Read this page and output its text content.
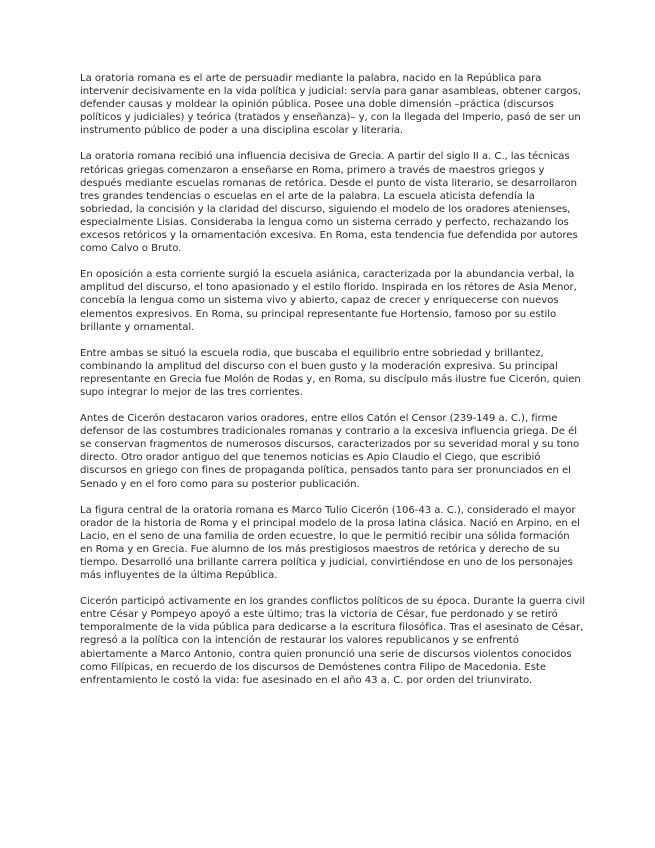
La oratoria romana es el arte de persuadir mediante la palabra, nacido en la República para intervenir decisivamente en la vida política y judicial: servía para ganar asambleas, obtener cargos, defender causas y moldear la opinión pública. Posee una doble dimensión –práctica (discursos políticos y judiciales) y teórica (tratados y enseñanza)– y, con la llegada del Imperio, pasó de ser un instrumento público de poder a una disciplina escolar y literaria.

La oratoria romana recibió una influencia decisiva de Grecia. A partir del siglo II a. C., las técnicas retóricas griegas comenzaron a enseñarse en Roma, primero a través de maestros griegos y después mediante escuelas romanas de retórica. Desde el punto de vista literario, se desarrollaron tres grandes tendencias o escuelas en el arte de la palabra. La escuela aticista defendía la sobriedad, la concisión y la claridad del discurso, siguiendo el modelo de los oradores atenienses, especialmente Lisias. Consideraba la lengua como un sistema cerrado y perfecto, rechazando los excesos retóricos y la ornamentación excesiva. En Roma, esta tendencia fue defendida por autores como Calvo o Bruto.

En oposición a esta corriente surgió la escuela asiánica, caracterizada por la abundancia verbal, la amplitud del discurso, el tono apasionado y el estilo florido. Inspirada en los rétores de Asia Menor, concebía la lengua como un sistema vivo y abierto, capaz de crecer y enriquecerse con nuevos elementos expresivos. En Roma, su principal representante fue Hortensio, famoso por su estilo brillante y ornamental.

Entre ambas se situó la escuela rodia, que buscaba el equilibrio entre sobriedad y brillantez, combinando la amplitud del discurso con el buen gusto y la moderación expresiva. Su principal representante en Grecia fue Molón de Rodas y, en Roma, su discípulo más ilustre fue Cicerón, quien supo integrar lo mejor de las tres corrientes.

Antes de Cicerón destacaron varios oradores, entre ellos Catón el Censor (239-149 a. C.), firme defensor de las costumbres tradicionales romanas y contrario a la excesiva influencia griega. De él se conservan fragmentos de numerosos discursos, caracterizados por su severidad moral y su tono directo. Otro orador antiguo del que tenemos noticias es Apio Claudio el Ciego, que escribió discursos en griego con fines de propaganda política, pensados tanto para ser pronunciados en el Senado y en el foro como para su posterior publicación.

La figura central de la oratoria romana es Marco Tulio Cicerón (106-43 a. C.), considerado el mayor orador de la historia de Roma y el principal modelo de la prosa latina clásica. Nació en Arpino, en el Lacio, en el seno de una familia de orden ecuestre, lo que le permitió recibir una sólida formación en Roma y en Grecia. Fue alumno de los más prestigiosos maestros de retórica y derecho de su tiempo. Desarrolló una brillante carrera política y judicial, convirtiéndose en uno de los personajes más influyentes de la última República.

Cicerón participó activamente en los grandes conflictos políticos de su época. Durante la guerra civil entre César y Pompeyo apoyó a este último; tras la victoria de César, fue perdonado y se retiró temporalmente de la vida pública para dedicarse a la escritura filosófica. Tras el asesinato de César, regresó a la política con la intención de restaurar los valores republicanos y se enfrentó abiertamente a Marco Antonio, contra quien pronunció una serie de discursos violentos conocidos como Filípicas, en recuerdo de los discursos de Demóstenes contra Filipo de Macedonia. Este enfrentamiento le costó la vida: fue asesinado en el año 43 a. C. por orden del triunvirato.
